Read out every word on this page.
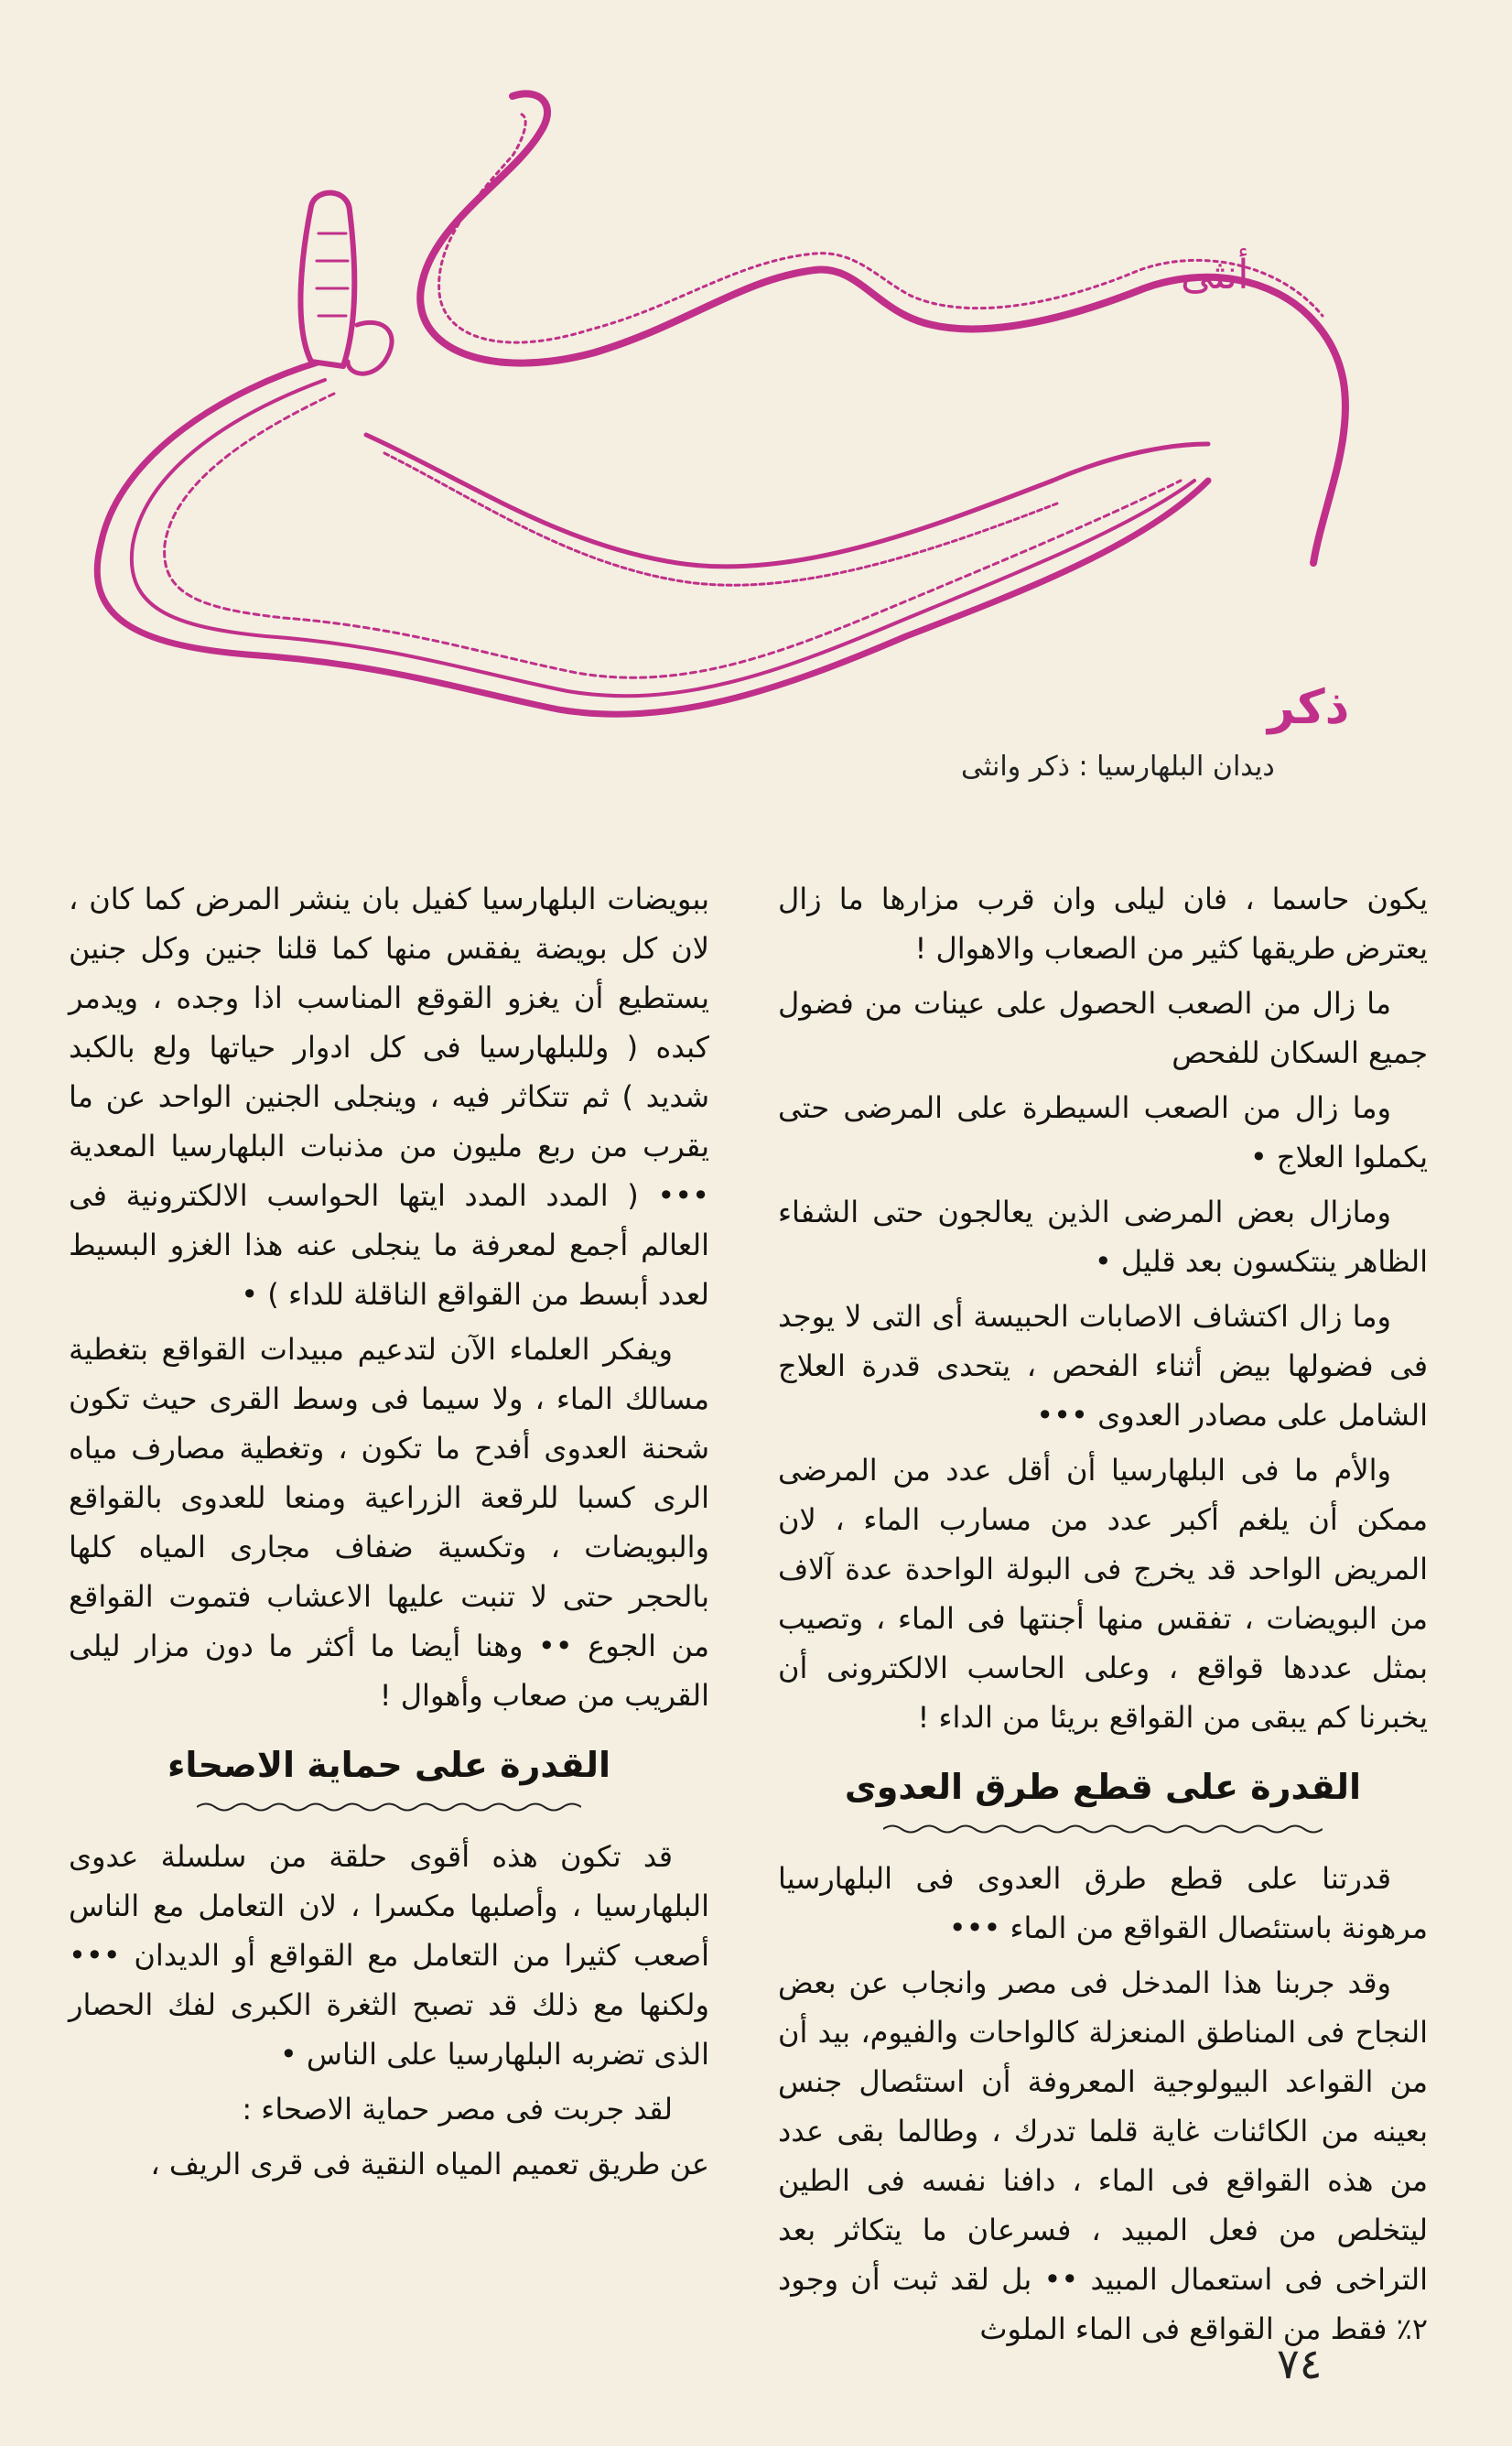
أنثى
ذكر
ديدان البلهارسيا : ذكر وانثى

يكون حاسما ، فان ليلى وان قرب مزارها ما زال يعترض طريقها كثير من الصعاب والاهوال !

ما زال من الصعب الحصول على عينات من فضول جميع السكان للفحص

وما زال من الصعب السيطرة على المرضى حتى يكملوا العلاج •

ومازال بعض المرضى الذين يعالجون حتى الشفاء الظاهر ينتكسون بعد قليل •

وما زال اكتشاف الاصابات الحبيسة أى التى لا يوجد فى فضولها بيض أثناء الفحص ، يتحدى قدرة العلاج الشامل على مصادر العدوى •••

والأم ما فى البلهارسيا أن أقل عدد من المرضى ممكن أن يلغم أكبر عدد من مسارب الماء ، لان المريض الواحد قد يخرج فى البولة الواحدة عدة آلاف من البويضات ، تفقس منها أجنتها فى الماء ، وتصيب بمثل عددها قواقع ، وعلى الحاسب الالكترونى أن يخبرنا كم يبقى من القواقع بريئا من الداء !

القدرة على قطع طرق العدوى

قدرتنا على قطع طرق العدوى فى البلهارسيا مرهونة باستئصال القواقع من الماء •••

وقد جربنا هذا المدخل فى مصر وانجاب عن بعض النجاح فى المناطق المنعزلة كالواحات والفيوم، بيد أن من القواعد البيولوجية المعروفة أن استئصال جنس بعينه من الكائنات غاية قلما تدرك ، وطالما بقى عدد من هذه القواقع فى الماء ، دافنا نفسه فى الطين ليتخلص من فعل المبيد ، فسرعان ما يتكاثر بعد التراخى فى استعمال المبيد •• بل لقد ثبت أن وجود ٢٪ فقط من القواقع فى الماء الملوث

ببويضات البلهارسيا كفيل بان ينشر المرض كما كان ، لان كل بويضة يفقس منها كما قلنا جنين وكل جنين يستطيع أن يغزو القوقع المناسب اذا وجده ، ويدمر كبده ( وللبلهارسيا فى كل ادوار حياتها ولع بالكبد شديد ) ثم تتكاثر فيه ، وينجلى الجنين الواحد عن ما يقرب من ربع مليون من مذنبات البلهارسيا المعدية ••• ( المدد المدد ايتها الحواسب الالكترونية فى العالم أجمع لمعرفة ما ينجلى عنه هذا الغزو البسيط لعدد أبسط من القواقع الناقلة للداء ) •

ويفكر العلماء الآن لتدعيم مبيدات القواقع بتغطية مسالك الماء ، ولا سيما فى وسط القرى حيث تكون شحنة العدوى أفدح ما تكون ، وتغطية مصارف مياه الرى كسبا للرقعة الزراعية ومنعا للعدوى بالقواقع والبويضات ، وتكسية ضفاف مجارى المياه كلها بالحجر حتى لا تنبت عليها الاعشاب فتموت القواقع من الجوع •• وهنا أيضا ما أكثر ما دون مزار ليلى القريب من صعاب وأهوال !

القدرة على حماية الاصحاء

قد تكون هذه أقوى حلقة من سلسلة عدوى البلهارسيا ، وأصلبها مكسرا ، لان التعامل مع الناس أصعب كثيرا من التعامل مع القواقع أو الديدان ••• ولكنها مع ذلك قد تصبح الثغرة الكبرى لفك الحصار الذى تضربه البلهارسيا على الناس •

لقد جربت فى مصر حماية الاصحاء :

عن طريق تعميم المياه النقية فى قرى الريف ،

٧٤
